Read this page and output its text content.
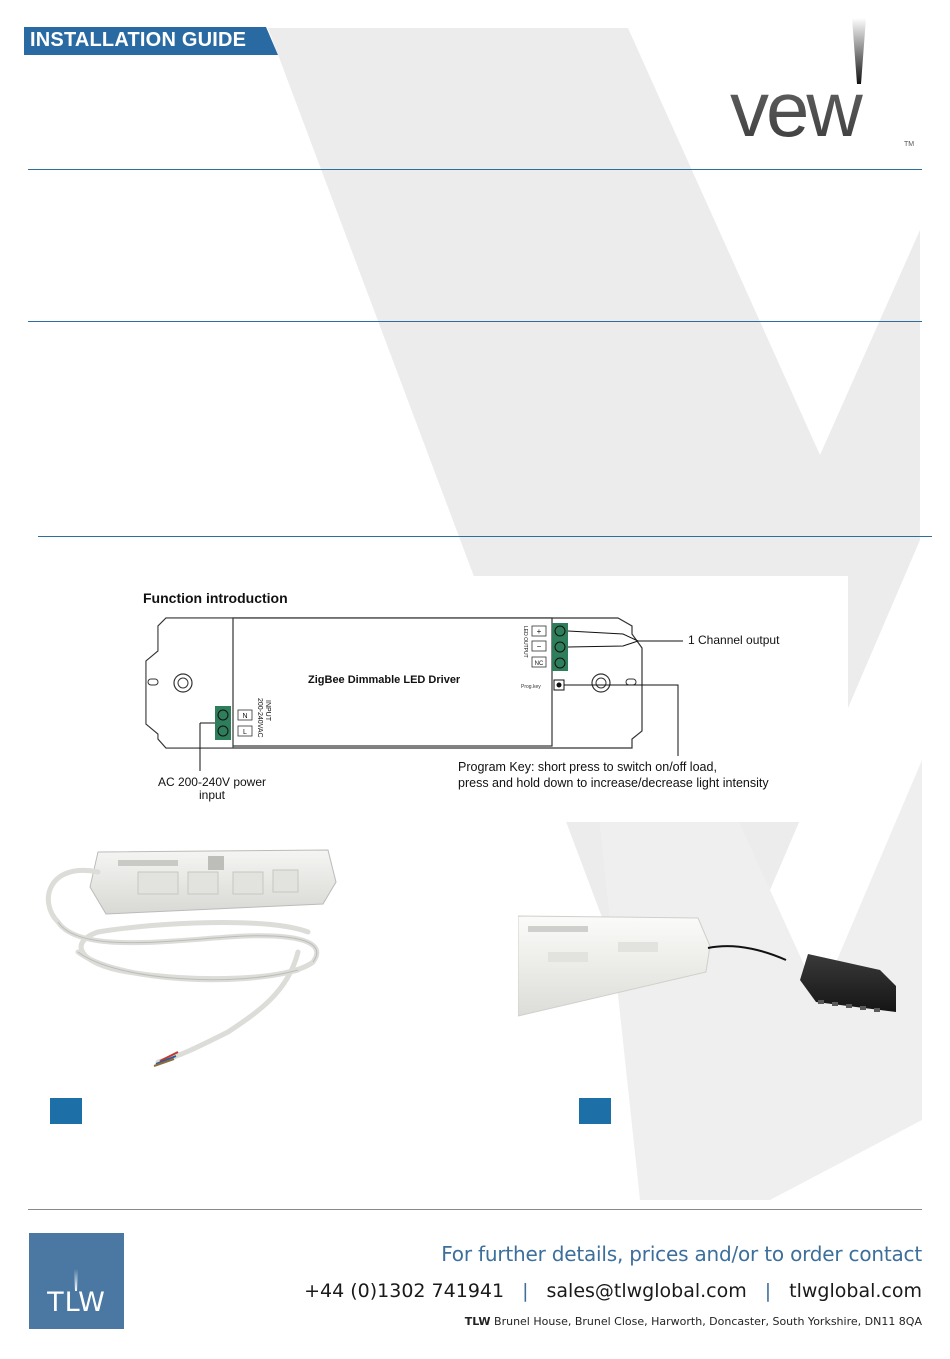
INSTALLATION GUIDE
vew	TM
Function introduction
ZigBee Dimmable LED Driver
+
−
NC
LED OUTPUT
Prog.key
N
L
INPUT
200-240VAC
1 Channel output
Program Key: short press to switch on/off load,
press and hold down to increase/decrease light intensity
AC 200-240V power
input
TLW
For further details, prices and/or to order contact
+44 (0)1302 741941 | sales@tlwglobal.com | tlwglobal.com
TLW Brunel House, Brunel Close, Harworth, Doncaster, South Yorkshire, DN11 8QA
